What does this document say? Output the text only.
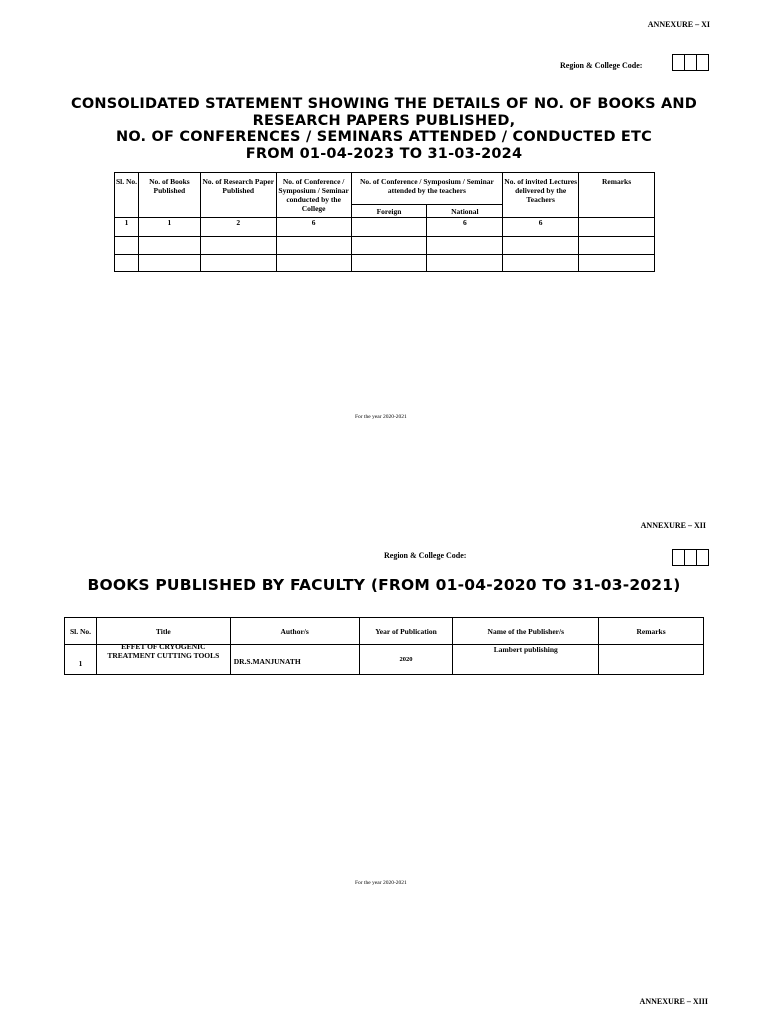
ANNEXURE – XI
Region & College Code:
CONSOLIDATED STATEMENT SHOWING THE DETAILS OF NO. OF BOOKS AND
RESEARCH PAPERS PUBLISHED,
NO. OF CONFERENCES / SEMINARS ATTENDED / CONDUCTED ETC
FROM 01-04-2023 TO 31-03-2024
Sl. No.	No. of Books Published	No. of Research Paper Published	No. of Conference / Symposium / Seminar conducted by the College	No. of Conference / Symposium / Seminar attended by the teachers		No. of invited Lectures delivered by the Teachers	Remarks
				Foreign	National		
1	1	2	6		6	6	

For the year 2020-2021
ANNEXURE – XII
Region & College Code:
BOOKS PUBLISHED BY FACULTY (FROM 01-04-2020 TO 31-03-2021)
Sl. No.	Title	Author/s	Year of Publication	Name of the Publisher/s	Remarks
1	EFFET OF CRYOGENIC
TREATMENT CUTTING TOOLS	DR.S.MANJUNATH	2020	Lambert publishing	
For the year 2020-2021
ANNEXURE – XIII
